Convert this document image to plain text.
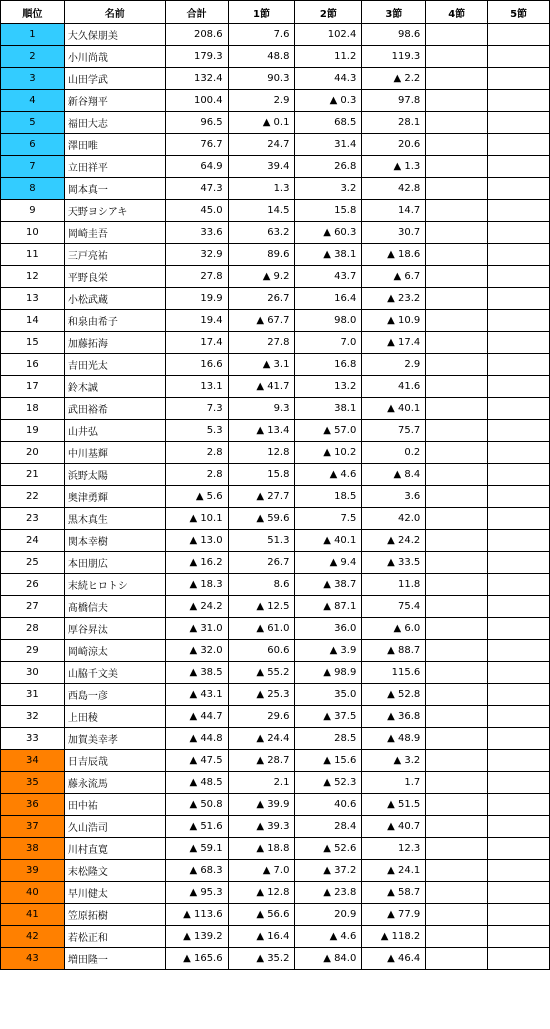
順位	名前	合計	1節	2節	3節	4節	5節
1	大久保朋美	208.6	7.6	102.4	98.6		
2	小川尚哉	179.3	48.8	11.2	119.3		
3	山田学武	132.4	90.3	44.3	▲ 2.2		
4	新谷翔平	100.4	2.9	▲ 0.3	97.8		
5	福田大志	96.5	▲ 0.1	68.5	28.1		
6	澤田唯	76.7	24.7	31.4	20.6		
7	立田祥平	64.9	39.4	26.8	▲ 1.3		
8	岡本真一	47.3	1.3	3.2	42.8		
9	天野ヨシアキ	45.0	14.5	15.8	14.7		
10	岡崎圭吾	33.6	63.2	▲ 60.3	30.7		
11	三戸亮祐	32.9	89.6	▲ 38.1	▲ 18.6		
12	平野良栄	27.8	▲ 9.2	43.7	▲ 6.7		
13	小松武蔵	19.9	26.7	16.4	▲ 23.2		
14	和泉由希子	19.4	▲ 67.7	98.0	▲ 10.9		
15	加藤拓海	17.4	27.8	7.0	▲ 17.4		
16	吉田光太	16.6	▲ 3.1	16.8	2.9		
17	鈴木誠	13.1	▲ 41.7	13.2	41.6		
18	武田裕希	7.3	9.3	38.1	▲ 40.1		
19	山井弘	5.3	▲ 13.4	▲ 57.0	75.7		
20	中川基輝	2.8	12.8	▲ 10.2	0.2		
21	浜野太陽	2.8	15.8	▲ 4.6	▲ 8.4		
22	奥津勇輝	▲ 5.6	▲ 27.7	18.5	3.6		
23	黒木真生	▲ 10.1	▲ 59.6	7.5	42.0		
24	関本幸樹	▲ 13.0	51.3	▲ 40.1	▲ 24.2		
25	本田朋広	▲ 16.2	26.7	▲ 9.4	▲ 33.5		
26	末続ヒロトシ	▲ 18.3	8.6	▲ 38.7	11.8		
27	髙橋信夫	▲ 24.2	▲ 12.5	▲ 87.1	75.4		
28	厚谷昇汰	▲ 31.0	▲ 61.0	36.0	▲ 6.0		
29	岡崎涼太	▲ 32.0	60.6	▲ 3.9	▲ 88.7		
30	山脇千文美	▲ 38.5	▲ 55.2	▲ 98.9	115.6		
31	西島一彦	▲ 43.1	▲ 25.3	35.0	▲ 52.8		
32	上田稜	▲ 44.7	29.6	▲ 37.5	▲ 36.8		
33	加賀美幸孝	▲ 44.8	▲ 24.4	28.5	▲ 48.9		
34	日吉辰哉	▲ 47.5	▲ 28.7	▲ 15.6	▲ 3.2		
35	藤永流馬	▲ 48.5	2.1	▲ 52.3	1.7		
36	田中祐	▲ 50.8	▲ 39.9	40.6	▲ 51.5		
37	久山浩司	▲ 51.6	▲ 39.3	28.4	▲ 40.7		
38	川村直寛	▲ 59.1	▲ 18.8	▲ 52.6	12.3		
39	末松隆文	▲ 68.3	▲ 7.0	▲ 37.2	▲ 24.1		
40	早川健太	▲ 95.3	▲ 12.8	▲ 23.8	▲ 58.7		
41	笠原拓樹	▲ 113.6	▲ 56.6	20.9	▲ 77.9		
42	若松正和	▲ 139.2	▲ 16.4	▲ 4.6	▲ 118.2		
43	増田隆一	▲ 165.6	▲ 35.2	▲ 84.0	▲ 46.4		
